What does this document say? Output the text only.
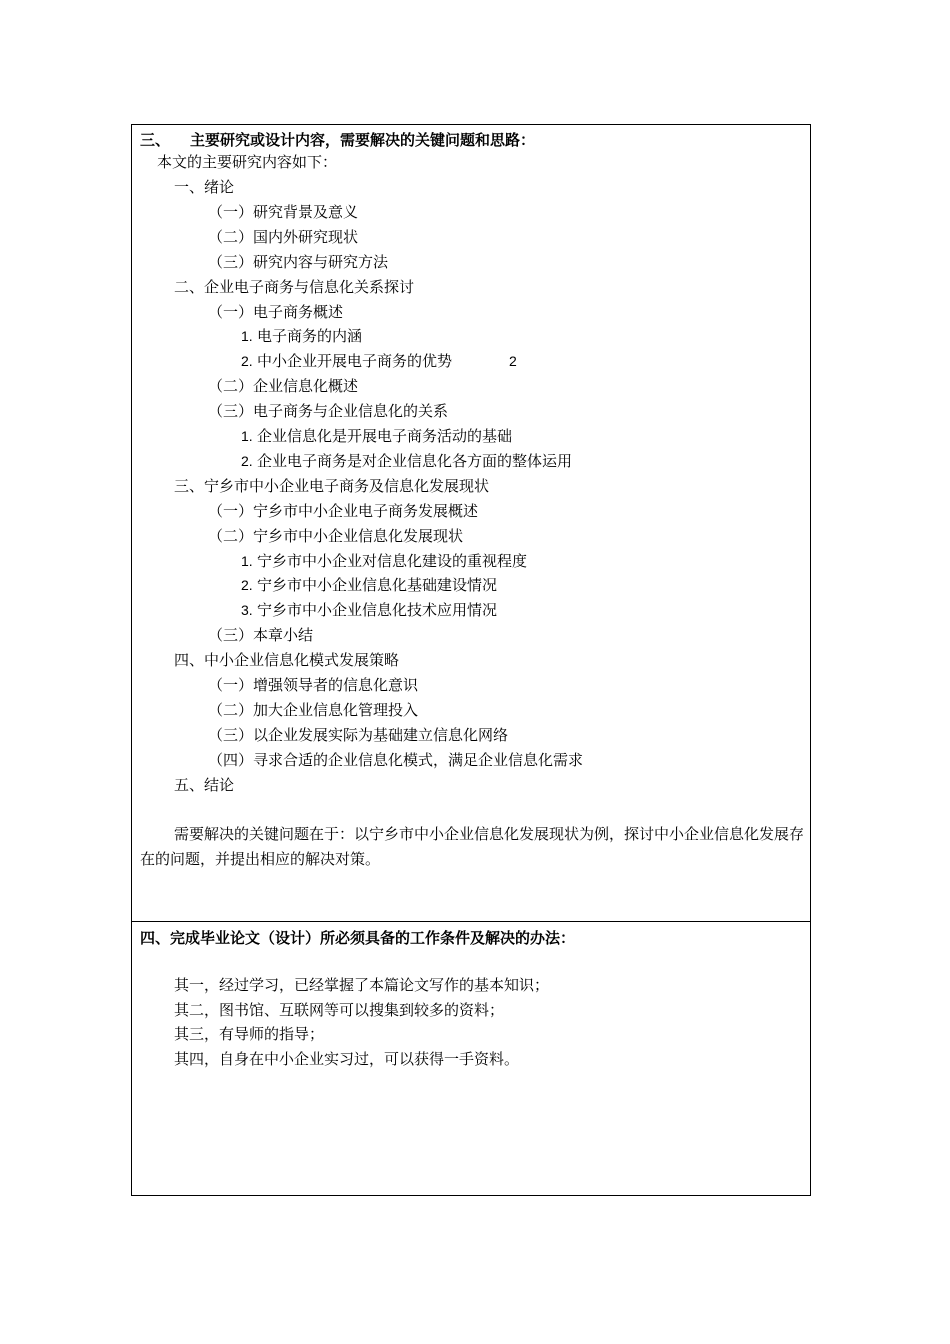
三、 主要研究或设计内容，需要解决的关键问题和思路：
本文的主要研究内容如下：
一、绪论
（一）研究背景及意义
（二）国内外研究现状
（三）研究内容与研究方法
二、企业电子商务与信息化关系探讨
（一）电子商务概述
1. 电子商务的内涵
2. 中小企业开展电子商务的优势	2
（二）企业信息化概述
（三）电子商务与企业信息化的关系
1. 企业信息化是开展电子商务活动的基础
2. 企业电子商务是对企业信息化各方面的整体运用
三、宁乡市中小企业电子商务及信息化发展现状
（一）宁乡市中小企业电子商务发展概述
（二）宁乡市中小企业信息化发展现状
1. 宁乡市中小企业对信息化建设的重视程度
2. 宁乡市中小企业信息化基础建设情况
3. 宁乡市中小企业信息化技术应用情况
（三）本章小结
四、中小企业信息化模式发展策略
（一）增强领导者的信息化意识
（二）加大企业信息化管理投入
（三）以企业发展实际为基础建立信息化网络
（四）寻求合适的企业信息化模式，满足企业信息化需求
五、结论
需要解决的关键问题在于：以宁乡市中小企业信息化发展现状为例，探讨中小企业信息化发展存在的问题，并提出相应的解决对策。
四、完成毕业论文（设计）所必须具备的工作条件及解决的办法：
其一，经过学习，已经掌握了本篇论文写作的基本知识；
其二，图书馆、互联网等可以搜集到较多的资料；
其三，有导师的指导；
其四，自身在中小企业实习过，可以获得一手资料。
